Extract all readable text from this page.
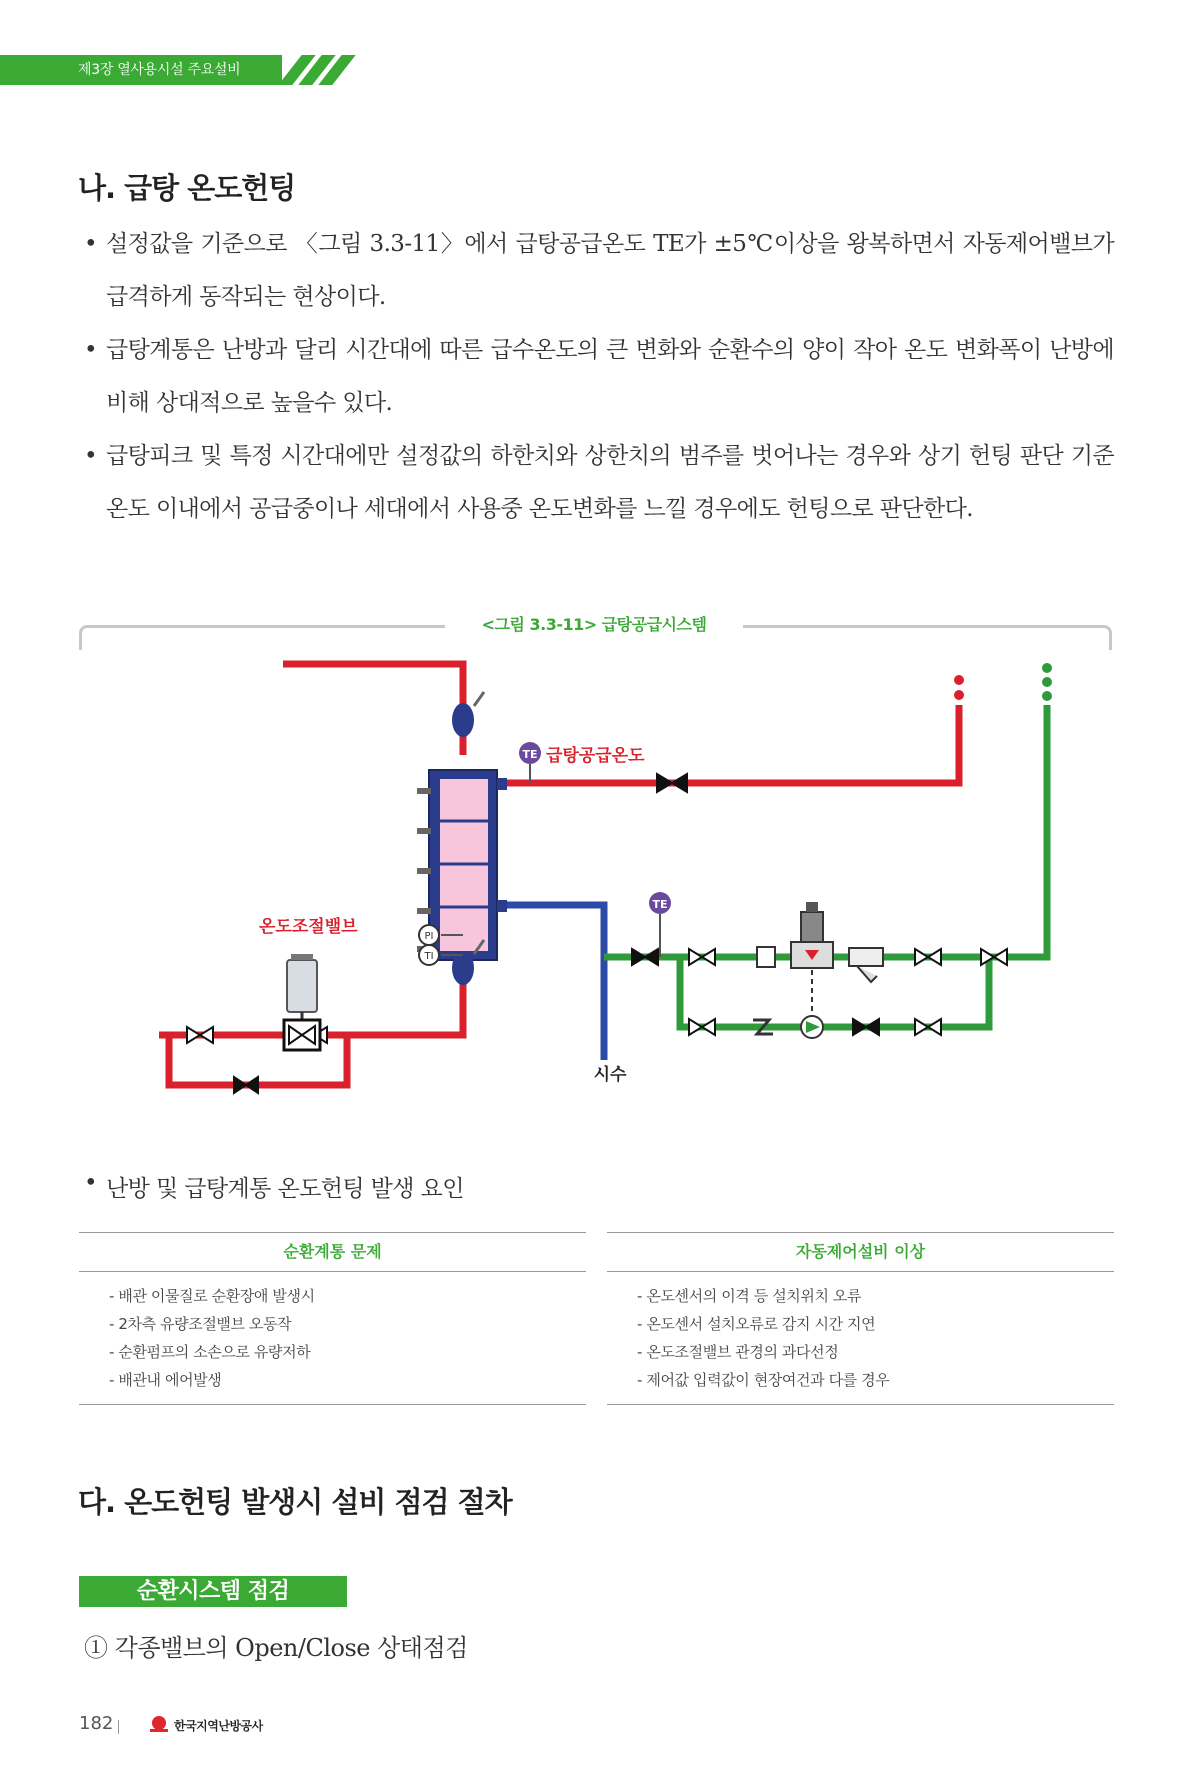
제3장 열사용시설 주요설비
나. 급탕 온도헌팅
• 설정값을 기준으로 〈그림 3.3-11〉에서 급탕공급온도 TE가 ±5℃이상을 왕복하면서 자동제어밸브가 급격하게 동작되는 현상이다.
• 급탕계통은 난방과 달리 시간대에 따른 급수온도의 큰 변화와 순환수의 양이 작아 온도 변화폭이 난방에 비해 상대적으로 높을수 있다.
• 급탕피크 및 특정 시간대에만 설정값의 하한치와 상한치의 범주를 벗어나는 경우와 상기 헌팅 판단 기준온도 이내에서 공급중이나 세대에서 사용중 온도변화를 느낄 경우에도 헌팅으로 판단한다.
<그림 3.3-11> 급탕공급시스템
TE
TE
PI
TI
급탕공급온도
온도조절밸브
시수
• 난방 및 급탕계통 온도헌팅 발생 요인
순환계통 문제
- 배관 이물질로 순환장애 발생시
- 2차측 유량조절밸브 오동작
- 순환펌프의 소손으로 유량저하
- 배관내 에어발생
자동제어설비 이상
- 온도센서의 이격 등 설치위치 오류
- 온도센서 설치오류로 감지 시간 지연
- 온도조절밸브 관경의 과다선정
- 제어값 입력값이 현장여건과 다를 경우
다. 온도헌팅 발생시 설비 점검 절차
순환시스템 점검
① 각종밸브의 Open/Close 상태점검
182	한국지역난방공사
